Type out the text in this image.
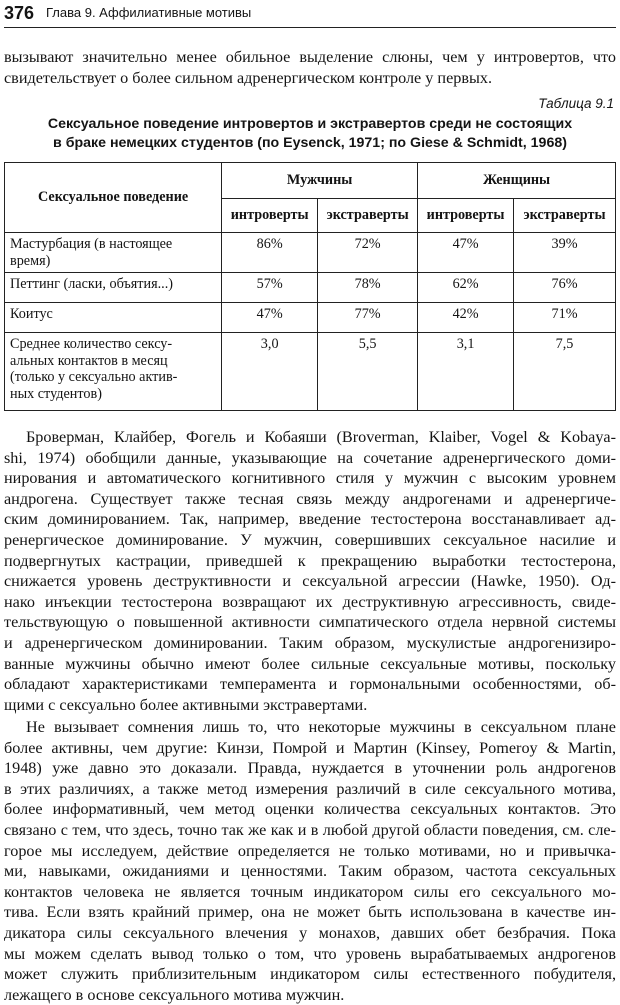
376 Глава 9. Аффилиативные мотивы

вызывают значительно менее обильное выделение слюны, чем у интровертов, что
свидетельствует о более сильном адренергическом контроле у первых.

Таблица 9.1

Сексуальное поведение интровертов и экстравертов среди не состоящих
в браке немецких студентов (по Eysenck, 1971; по Giese & Schmidt, 1968)

Сексуальное поведение	Мужчины		Женщины	
	интроверты	экстраверты	интроверты	экстраверты

Мастурбация (в настоящее
время)	86%	72%	47%	39%

Петтинг (ласки, объятия...)	57%	78%	62%	76%

Коитус	47%	77%	42%	71%

Среднее количество сексу-
альных контактов в месяц
(только у сексуально актив-
ных студентов)	3,0	5,5	3,1	7,5

Броверман, Клайбер, Фогель и Кобаяши (Broverman, Klaiber, Vogel & Kobaya-
shi, 1974) обобщили данные, указывающие на сочетание адренергического доми-
нирования и автоматического когнитивного стиля у мужчин с высоким уровнем
андрогена. Существует также тесная связь между андрогенами и адренергиче-
ским доминированием. Так, например, введение тестостерона восстанавливает ад-
ренергическое доминирование. У мужчин, совершивших сексуальное насилие и
подвергнутых кастрации, приведшей к прекращению выработки тестостерона,
снижается уровень деструктивности и сексуальной агрессии (Hawke, 1950). Од-
нако инъекции тестостерона возвращают их деструктивную агрессивность, свиде-
тельствующую о повышенной активности симпатического отдела нервной системы
и адренергическом доминировании. Таким образом, мускулистые андрогенизиро-
ванные мужчины обычно имеют более сильные сексуальные мотивы, поскольку
обладают характеристиками темперамента и гормональными особенностями, об-
щими с сексуально более активными экстравертами.

Не вызывает сомнения лишь то, что некоторые мужчины в сексуальном плане
более активны, чем другие: Кинзи, Помрой и Мартин (Kinsey, Pomeroy & Martin,
1948) уже давно это доказали. Правда, нуждается в уточнении роль андрогенов
в этих различиях, а также метод измерения различий в силе сексуального мотива,
более информативный, чем метод оценки количества сексуальных контактов. Это
связано с тем, что здесь, точно так же как и в любой другой области поведения, см. сле-
горое мы исследуем, действие определяется не только мотивами, но и привычка-
ми, навыками, ожиданиями и ценностями. Таким образом, частота сексуальных
контактов человека не является точным индикатором силы его сексуального мо-
тива. Если взять крайний пример, она не может быть использована в качестве ин-
дикатора силы сексуального влечения у монахов, давших обет безбрачия. Пока
мы можем сделать вывод только о том, что уровень вырабатываемых андрогенов
может служить приблизительным индикатором силы естественного побудителя,
лежащего в основе сексуального мотива мужчин.
